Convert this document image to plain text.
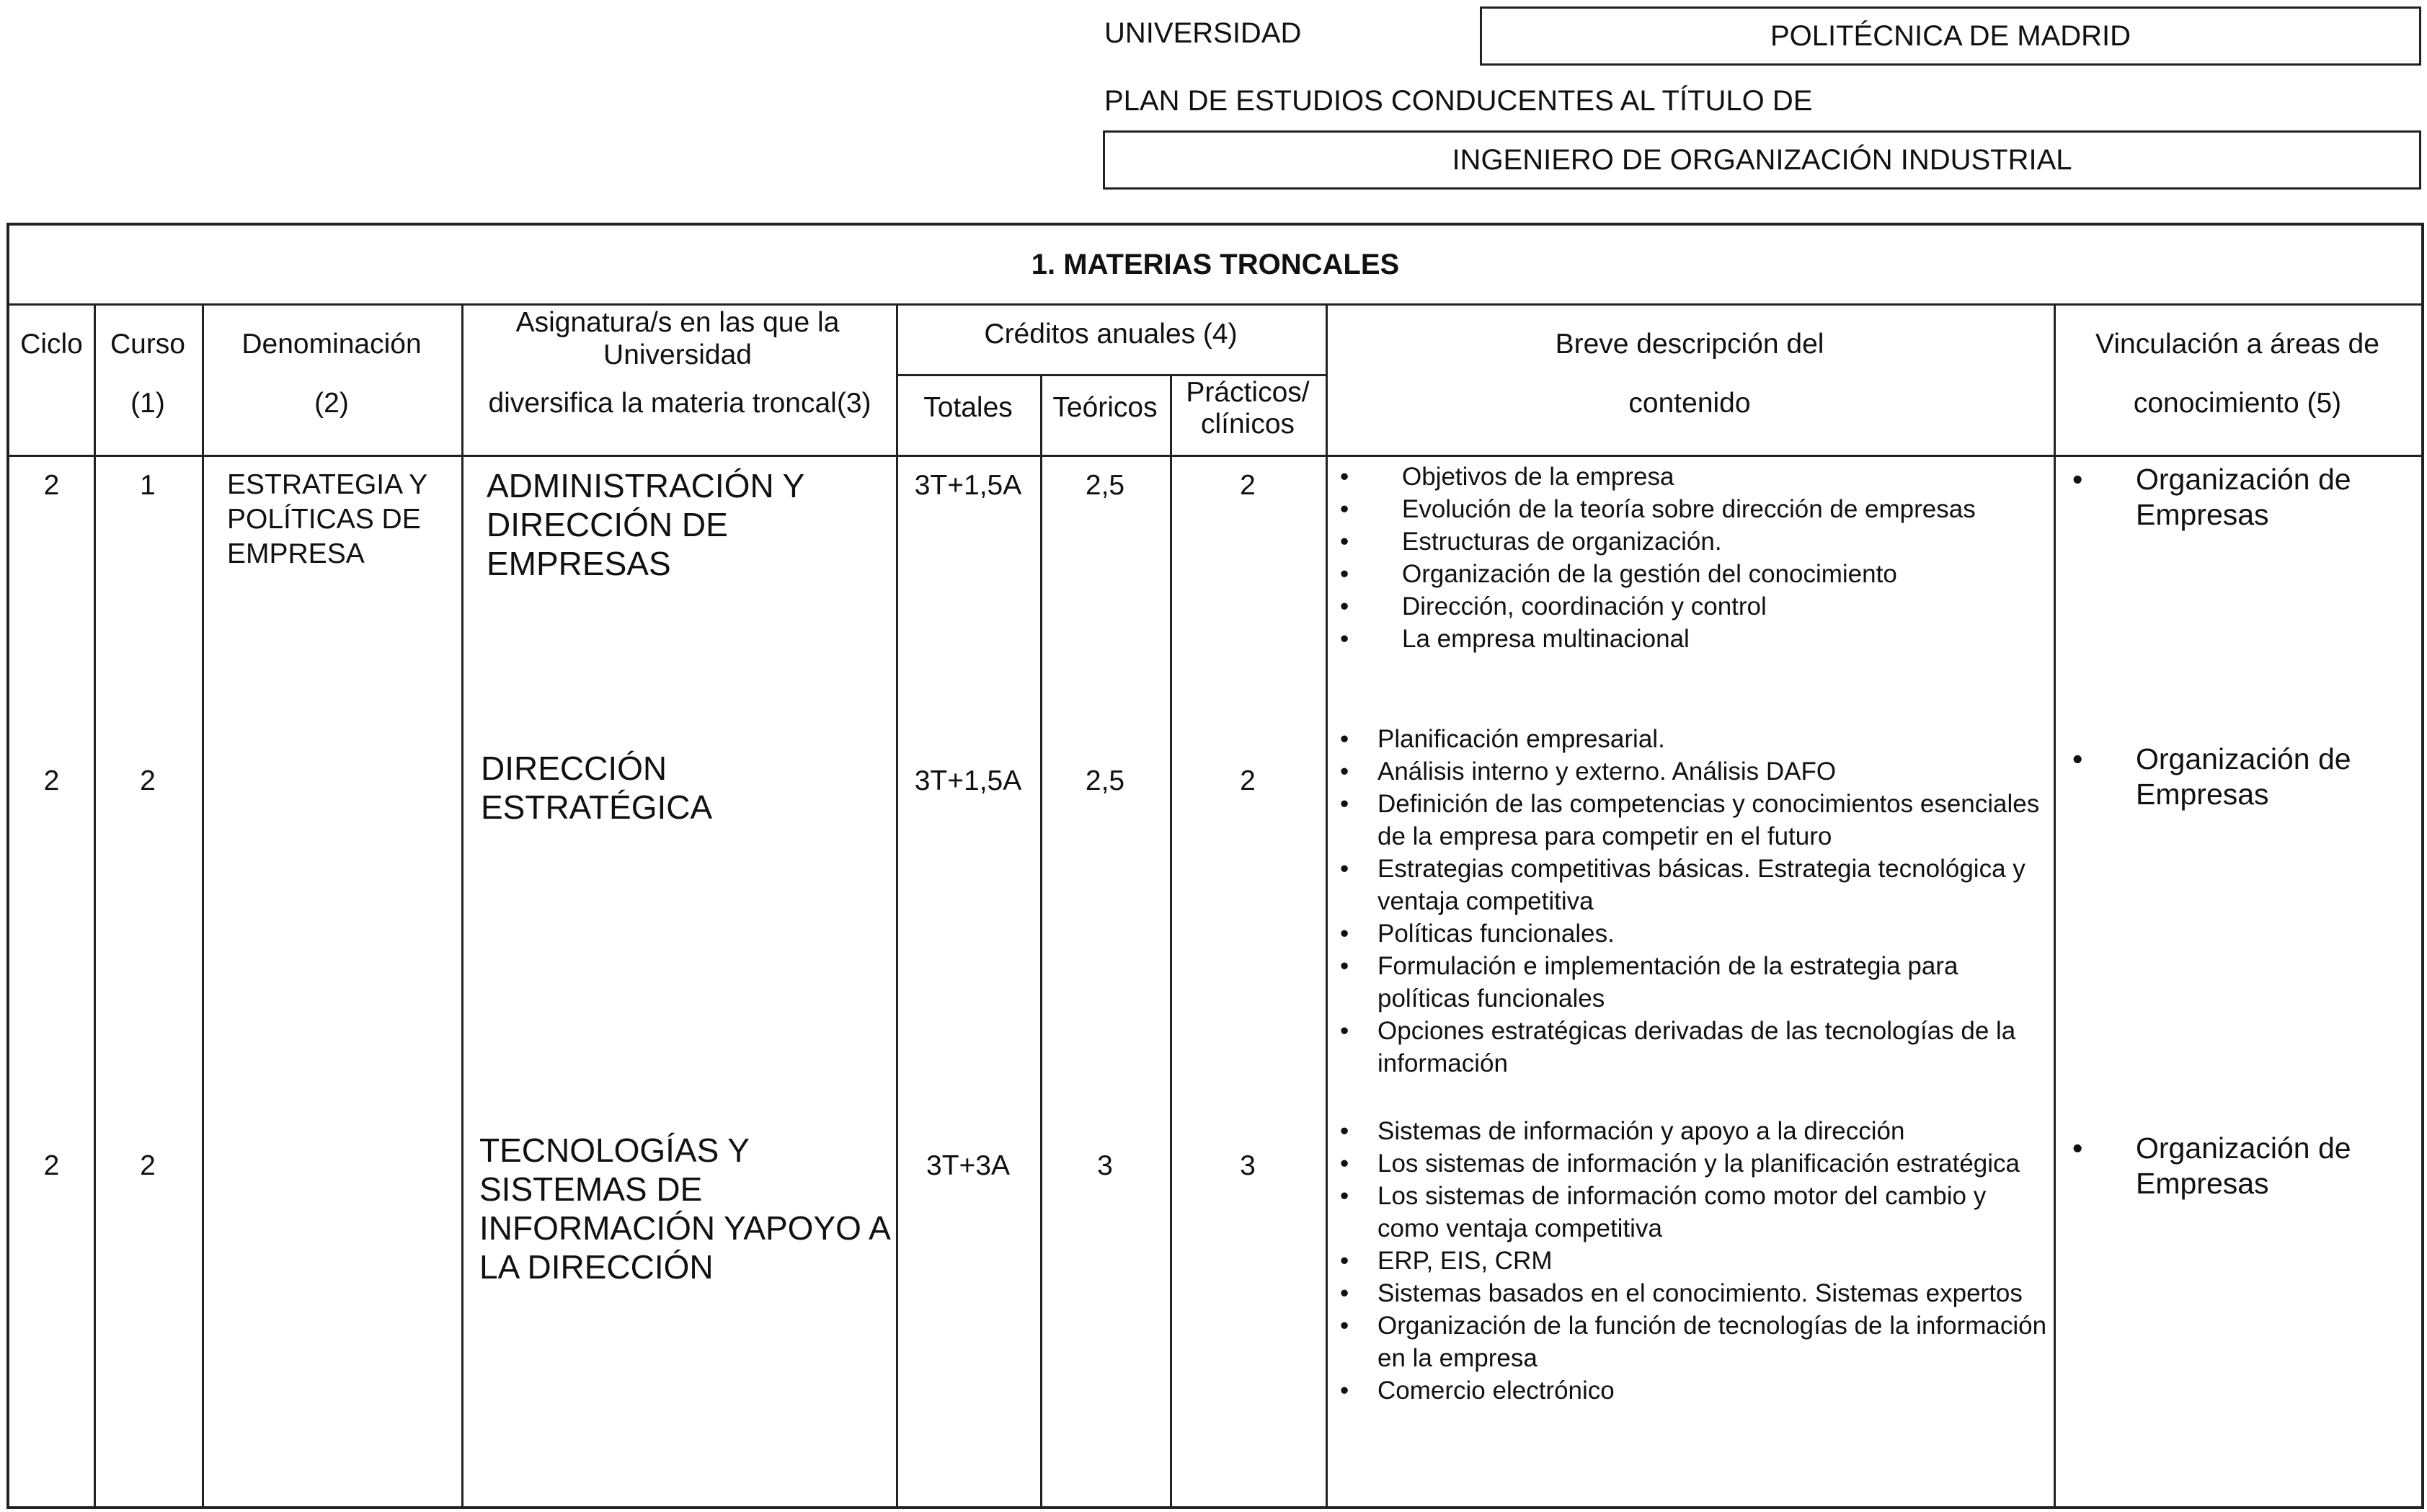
UNIVERSIDAD	POLITÉCNICA DE MADRID
PLAN DE ESTUDIOS CONDUCENTES AL TÍTULO DE
INGENIERO DE ORGANIZACIÓN INDUSTRIAL
1. MATERIAS TRONCALES
Ciclo Curso
(1)
Denominación
(2)
Asignatura/s en las que la Universidad
diversifica la materia troncal(3)
Créditos anuales (4)
Totales	Teóricos	Prácticos/ clínicos
Breve descripción del
contenido
Vinculación a áreas de
conocimiento (5)
2	1	ESTRATEGIA Y POLÍTICAS DE EMPRESA
ADMINISTRACIÓN Y DIRECCIÓN DE EMPRESAS
3T+1,5A	2,5	2
•	Objetivos de la empresa
• Evolución de la teoría sobre dirección de empresas
• Estructuras de organización.
• Organización de la gestión del conocimiento
• Dirección, coordinación y control
• La empresa multinacional
• Organización de Empresas
2	2	DIRECCIÓN ESTRATÉGICA
3T+1,5A	2,5	2
• Planificación empresarial.
• Análisis interno y externo. Análisis DAFO
• Definición de las competencias y conocimientos esenciales de la empresa para competir en el futuro
• Estrategias competitivas básicas. Estrategia tecnológica y ventaja competitiva
• Políticas funcionales.
• Formulación e implementación de la estrategia para políticas funcionales
• Opciones estratégicas derivadas de las tecnologías de la información
• Organización de Empresas
2	2	TECNOLOGÍAS Y SISTEMAS DE INFORMACIÓN YAPOYO A LA DIRECCIÓN
3T+3A	3	3
• Sistemas de información y apoyo a la dirección
• Los sistemas de información y la planificación estratégica
• Los sistemas de información como motor del cambio y como ventaja competitiva
• ERP, EIS, CRM
• Sistemas basados en el conocimiento. Sistemas expertos
• Organización de la función de tecnologías de la información en la empresa
• Comercio electrónico
• Organización de Empresas
